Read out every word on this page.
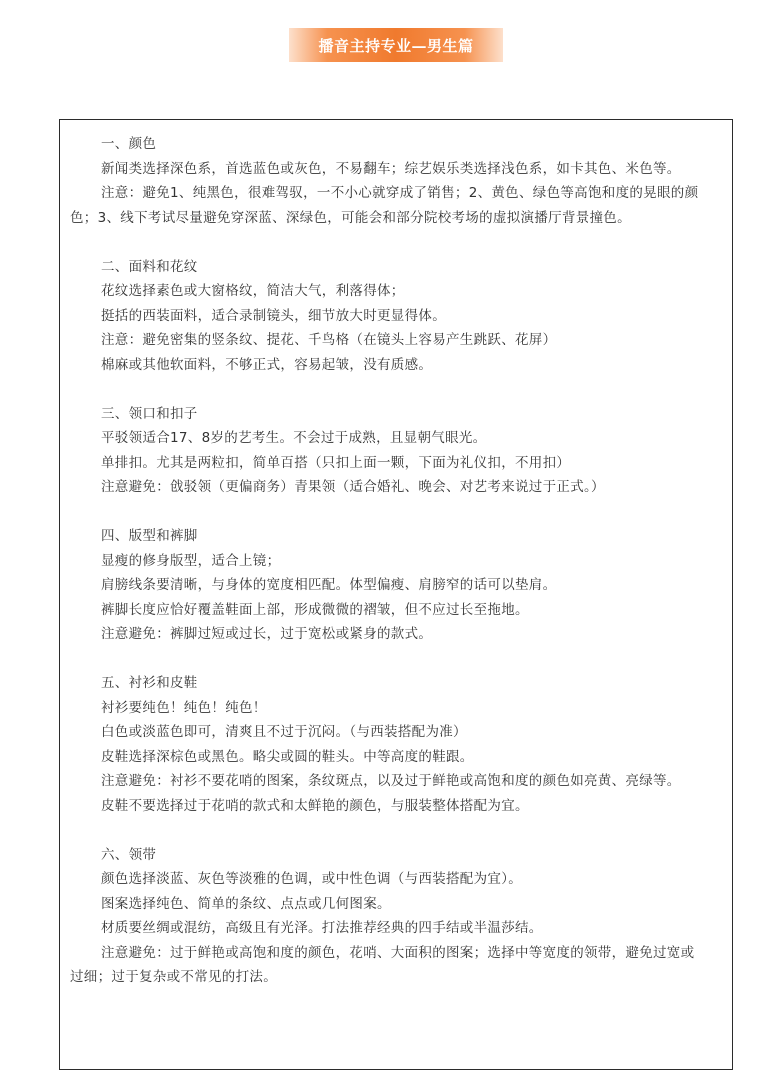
播音主持专业—男生篇
一、颜色
新闻类选择深色系，首选蓝色或灰色，不易翻车；综艺娱乐类选择浅色系，如卡其色、米色等。
注意：避免1、纯黑色，很难驾驭，一不小心就穿成了销售；2、黄色、绿色等高饱和度的晃眼的颜色；3、线下考试尽量避免穿深蓝、深绿色，可能会和部分院校考场的虚拟演播厅背景撞色。
二、面料和花纹
花纹选择素色或大窗格纹，简洁大气，利落得体；
挺括的西装面料，适合录制镜头，细节放大时更显得体。
注意：避免密集的竖条纹、提花、千鸟格（在镜头上容易产生跳跃、花屏）
棉麻或其他软面料，不够正式，容易起皱，没有质感。
三、领口和扣子
平驳领适合17、8岁的艺考生。不会过于成熟，且显朝气眼光。
单排扣。尤其是两粒扣，简单百搭（只扣上面一颗，下面为礼仪扣，不用扣）
注意避免：戗驳领（更偏商务）青果领（适合婚礼、晚会、对艺考来说过于正式。）
四、版型和裤脚
显瘦的修身版型，适合上镜；
肩膀线条要清晰，与身体的宽度相匹配。体型偏瘦、肩膀窄的话可以垫肩。
裤脚长度应恰好覆盖鞋面上部，形成微微的褶皱，但不应过长至拖地。
注意避免：裤脚过短或过长，过于宽松或紧身的款式。
五、衬衫和皮鞋
衬衫要纯色！纯色！纯色！
白色或淡蓝色即可，清爽且不过于沉闷。（与西装搭配为准）
皮鞋选择深棕色或黑色。略尖或圆的鞋头。中等高度的鞋跟。
注意避免：衬衫不要花哨的图案，条纹斑点，以及过于鲜艳或高饱和度的颜色如亮黄、亮绿等。
皮鞋不要选择过于花哨的款式和太鲜艳的颜色，与服装整体搭配为宜。
六、领带
颜色选择淡蓝、灰色等淡雅的色调，或中性色调（与西装搭配为宜）。
图案选择纯色、简单的条纹、点点或几何图案。
材质要丝绸或混纺，高级且有光泽。打法推荐经典的四手结或半温莎结。
注意避免：过于鲜艳或高饱和度的颜色，花哨、大面积的图案；选择中等宽度的领带，避免过宽或过细；过于复杂或不常见的打法。
